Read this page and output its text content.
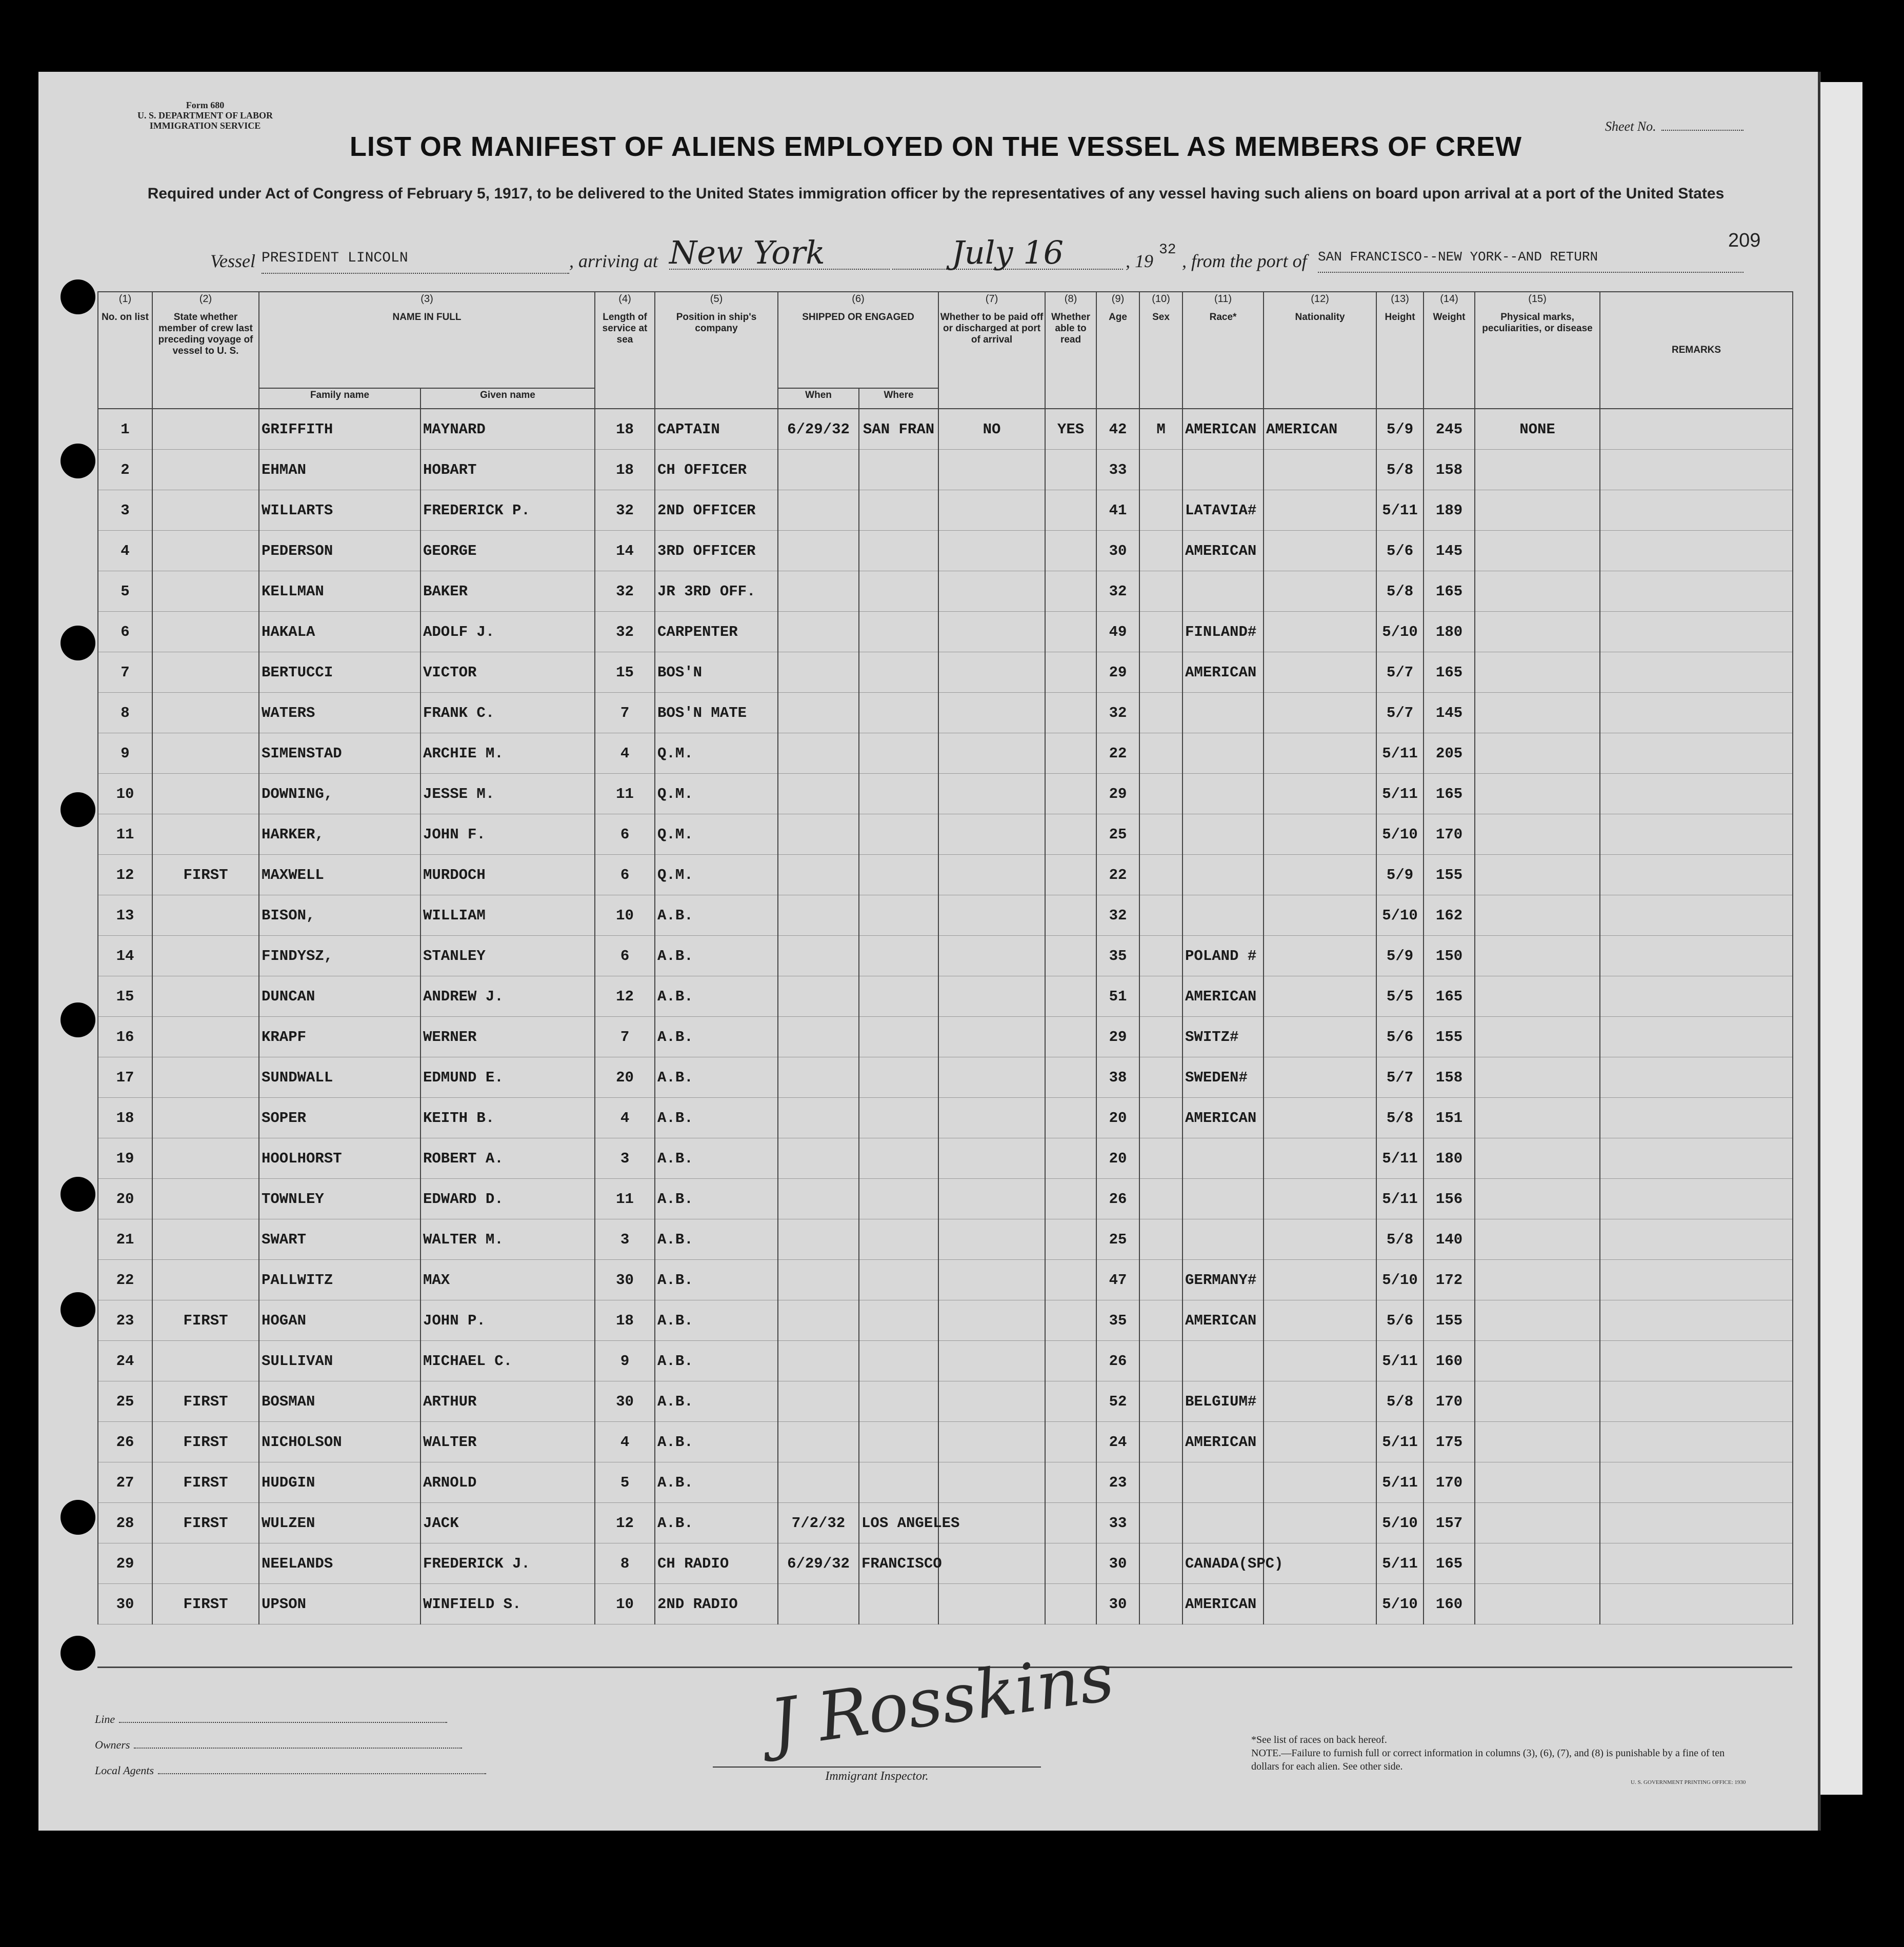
Form 680
U. S. DEPARTMENT OF LABOR
IMMIGRATION SERVICE	Sheet No.
LIST OR MANIFEST OF ALIENS EMPLOYED ON THE VESSEL AS MEMBERS OF CREW
Required under Act of Congress of February 5, 1917, to be delivered to the United States immigration officer by the representatives of any vessel having such aliens on board upon arrival at a port of the United States
209
Vessel PRESIDENT LINCOLN	, arriving at New York	July 16	, 19
32
, from the port of SAN FRANCISCO--NEW YORK--AND RETURN
(1)
No. on list	(2)
State whether member of crew last preceding voyage of vessel to U. S.	(3)
NAME IN FULL		(4)
Length of service at sea	(5)
Position in ship's company	(6)
SHIPPED OR ENGAGED		(7)
Whether to be paid off or discharged at port of arrival	(8)
Whether able to read	(9)
Age	(10)
Sex	(11)
Race*	(12)
Nationality	(13)
Height	(14)
Weight	(15)
Physical marks, peculiarities, or disease	REMARKS
		Family name	Given name			When	Where										
1		GRIFFITH	MAYNARD	18	CAPTAIN	6/29/32	SAN FRAN	NO	YES	42	M	AMERICAN	AMERICAN	5/9	245	NONE	
2		EHMAN	HOBART	18	CH OFFICER					33				5/8	158		
3		WILLARTS	FREDERICK P.	32	2ND OFFICER					41		LATAVIA#		5/11	189		
4		PEDERSON	GEORGE	14	3RD OFFICER					30		AMERICAN		5/6	145		
5		KELLMAN	BAKER	32	JR 3RD OFF.					32				5/8	165		
6		HAKALA	ADOLF J.	32	CARPENTER					49		FINLAND#		5/10	180		
7		BERTUCCI	VICTOR	15	BOS'N					29		AMERICAN		5/7	165		
8		WATERS	FRANK C.	7	BOS'N MATE					32				5/7	145		
9		SIMENSTAD	ARCHIE M.	4	Q.M.					22				5/11	205		
10		DOWNING,	JESSE M.	11	Q.M.					29				5/11	165		
11		HARKER,	JOHN F.	6	Q.M.					25				5/10	170		
12	FIRST	MAXWELL	MURDOCH	6	Q.M.					22				5/9	155		
13		BISON,	WILLIAM	10	A.B.					32				5/10	162		
14		FINDYSZ,	STANLEY	6	A.B.					35		POLAND #		5/9	150		
15		DUNCAN	ANDREW J.	12	A.B.					51		AMERICAN		5/5	165		
16		KRAPF	WERNER	7	A.B.					29		SWITZ#		5/6	155		
17		SUNDWALL	EDMUND E.	20	A.B.					38		SWEDEN#		5/7	158		
18		SOPER	KEITH B.	4	A.B.					20		AMERICAN		5/8	151		
19		HOOLHORST	ROBERT A.	3	A.B.					20				5/11	180		
20		TOWNLEY	EDWARD D.	11	A.B.					26				5/11	156		
21		SWART	WALTER M.	3	A.B.					25				5/8	140		
22		PALLWITZ	MAX	30	A.B.					47		GERMANY#		5/10	172		
23	FIRST	HOGAN	JOHN P.	18	A.B.					35		AMERICAN		5/6	155		
24		SULLIVAN	MICHAEL C.	9	A.B.					26				5/11	160		
25	FIRST	BOSMAN	ARTHUR	30	A.B.					52		BELGIUM#		5/8	170		
26	FIRST	NICHOLSON	WALTER	4	A.B.					24		AMERICAN		5/11	175		
27	FIRST	HUDGIN	ARNOLD	5	A.B.					23				5/11	170		
28	FIRST	WULZEN	JACK	12	A.B.	7/2/32	LOS ANGELES			33				5/10	157		
29		NEELANDS	FREDERICK J.	8	CH RADIO	6/29/32	FRANCISCO			30		CANADA(SPC)		5/11	165		
30	FIRST	UPSON	WINFIELD S.	10	2ND RADIO					30		AMERICAN		5/10	160		
J Rosskins
Line
Owners
Local Agents	Immigrant Inspector.
*See list of races on back hereof.
NOTE.—Failure to furnish full or correct information in columns (3), (6), (7), and (8) is punishable by a fine of ten dollars for each alien. See other side.
U. S. GOVERNMENT PRINTING OFFICE: 1930
